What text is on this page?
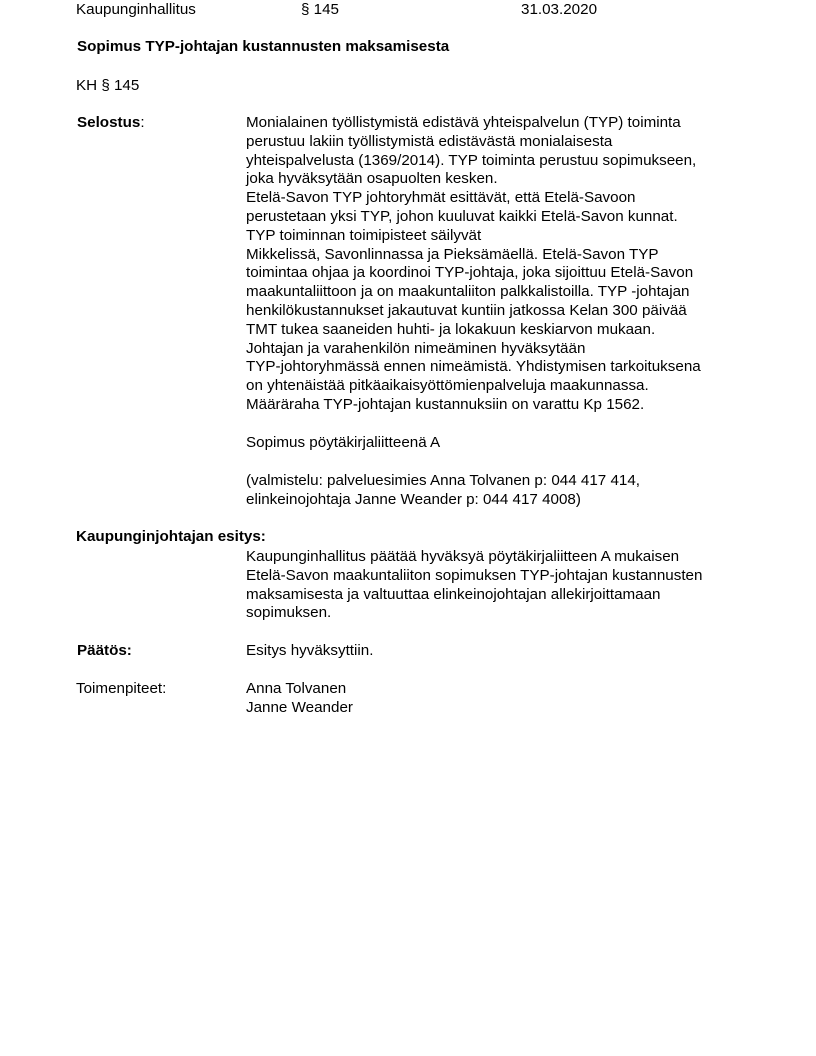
Kaupunginhallitus	§ 145	31.03.2020
Sopimus TYP-johtajan kustannusten maksamisesta
KH § 145
Selostus:	Monialainen työllistymistä edistävä yhteispalvelun (TYP) toiminta
perustuu lakiin työllistymistä edistävästä monialaisesta
yhteispalvelusta (1369/2014). TYP toiminta perustuu sopimukseen,
joka hyväksytään osapuolten kesken.
Etelä-Savon TYP johtoryhmät esittävät, että Etelä-Savoon
perustetaan yksi TYP, johon kuuluvat kaikki Etelä-Savon kunnat.
TYP toiminnan toimipisteet säilyvät
Mikkelissä, Savonlinnassa ja Pieksämäellä. Etelä-Savon TYP
toimintaa ohjaa ja koordinoi TYP-johtaja, joka sijoittuu Etelä-Savon
maakuntaliittoon ja on maakuntaliiton palkkalistoilla. TYP -johtajan
henkilökustannukset jakautuvat kuntiin jatkossa Kelan 300 päivää
TMT tukea saaneiden huhti- ja lokakuun keskiarvon mukaan.
Johtajan ja varahenkilön nimeäminen hyväksytään
TYP-johtoryhmässä ennen nimeämistä. Yhdistymisen tarkoituksena
on yhtenäistää pitkäaikaisyöttömienpalveluja maakunnassa.
Määräraha TYP-johtajan kustannuksiin on varattu Kp 1562.
Sopimus pöytäkirjaliitteenä A
(valmistelu: palveluesimies Anna Tolvanen p: 044 417 414,
elinkeinojohtaja Janne Weander p: 044 417 4008)
Kaupunginjohtajan esitys:
Kaupunginhallitus päätää hyväksyä pöytäkirjaliitteen A mukaisen
Etelä-Savon maakuntaliiton sopimuksen TYP-johtajan kustannusten
maksamisesta ja valtuuttaa elinkeinojohtajan allekirjoittamaan
sopimuksen.
Päätös:	Esitys hyväksyttiin.
Toimenpiteet:	Anna Tolvanen
Janne Weander
